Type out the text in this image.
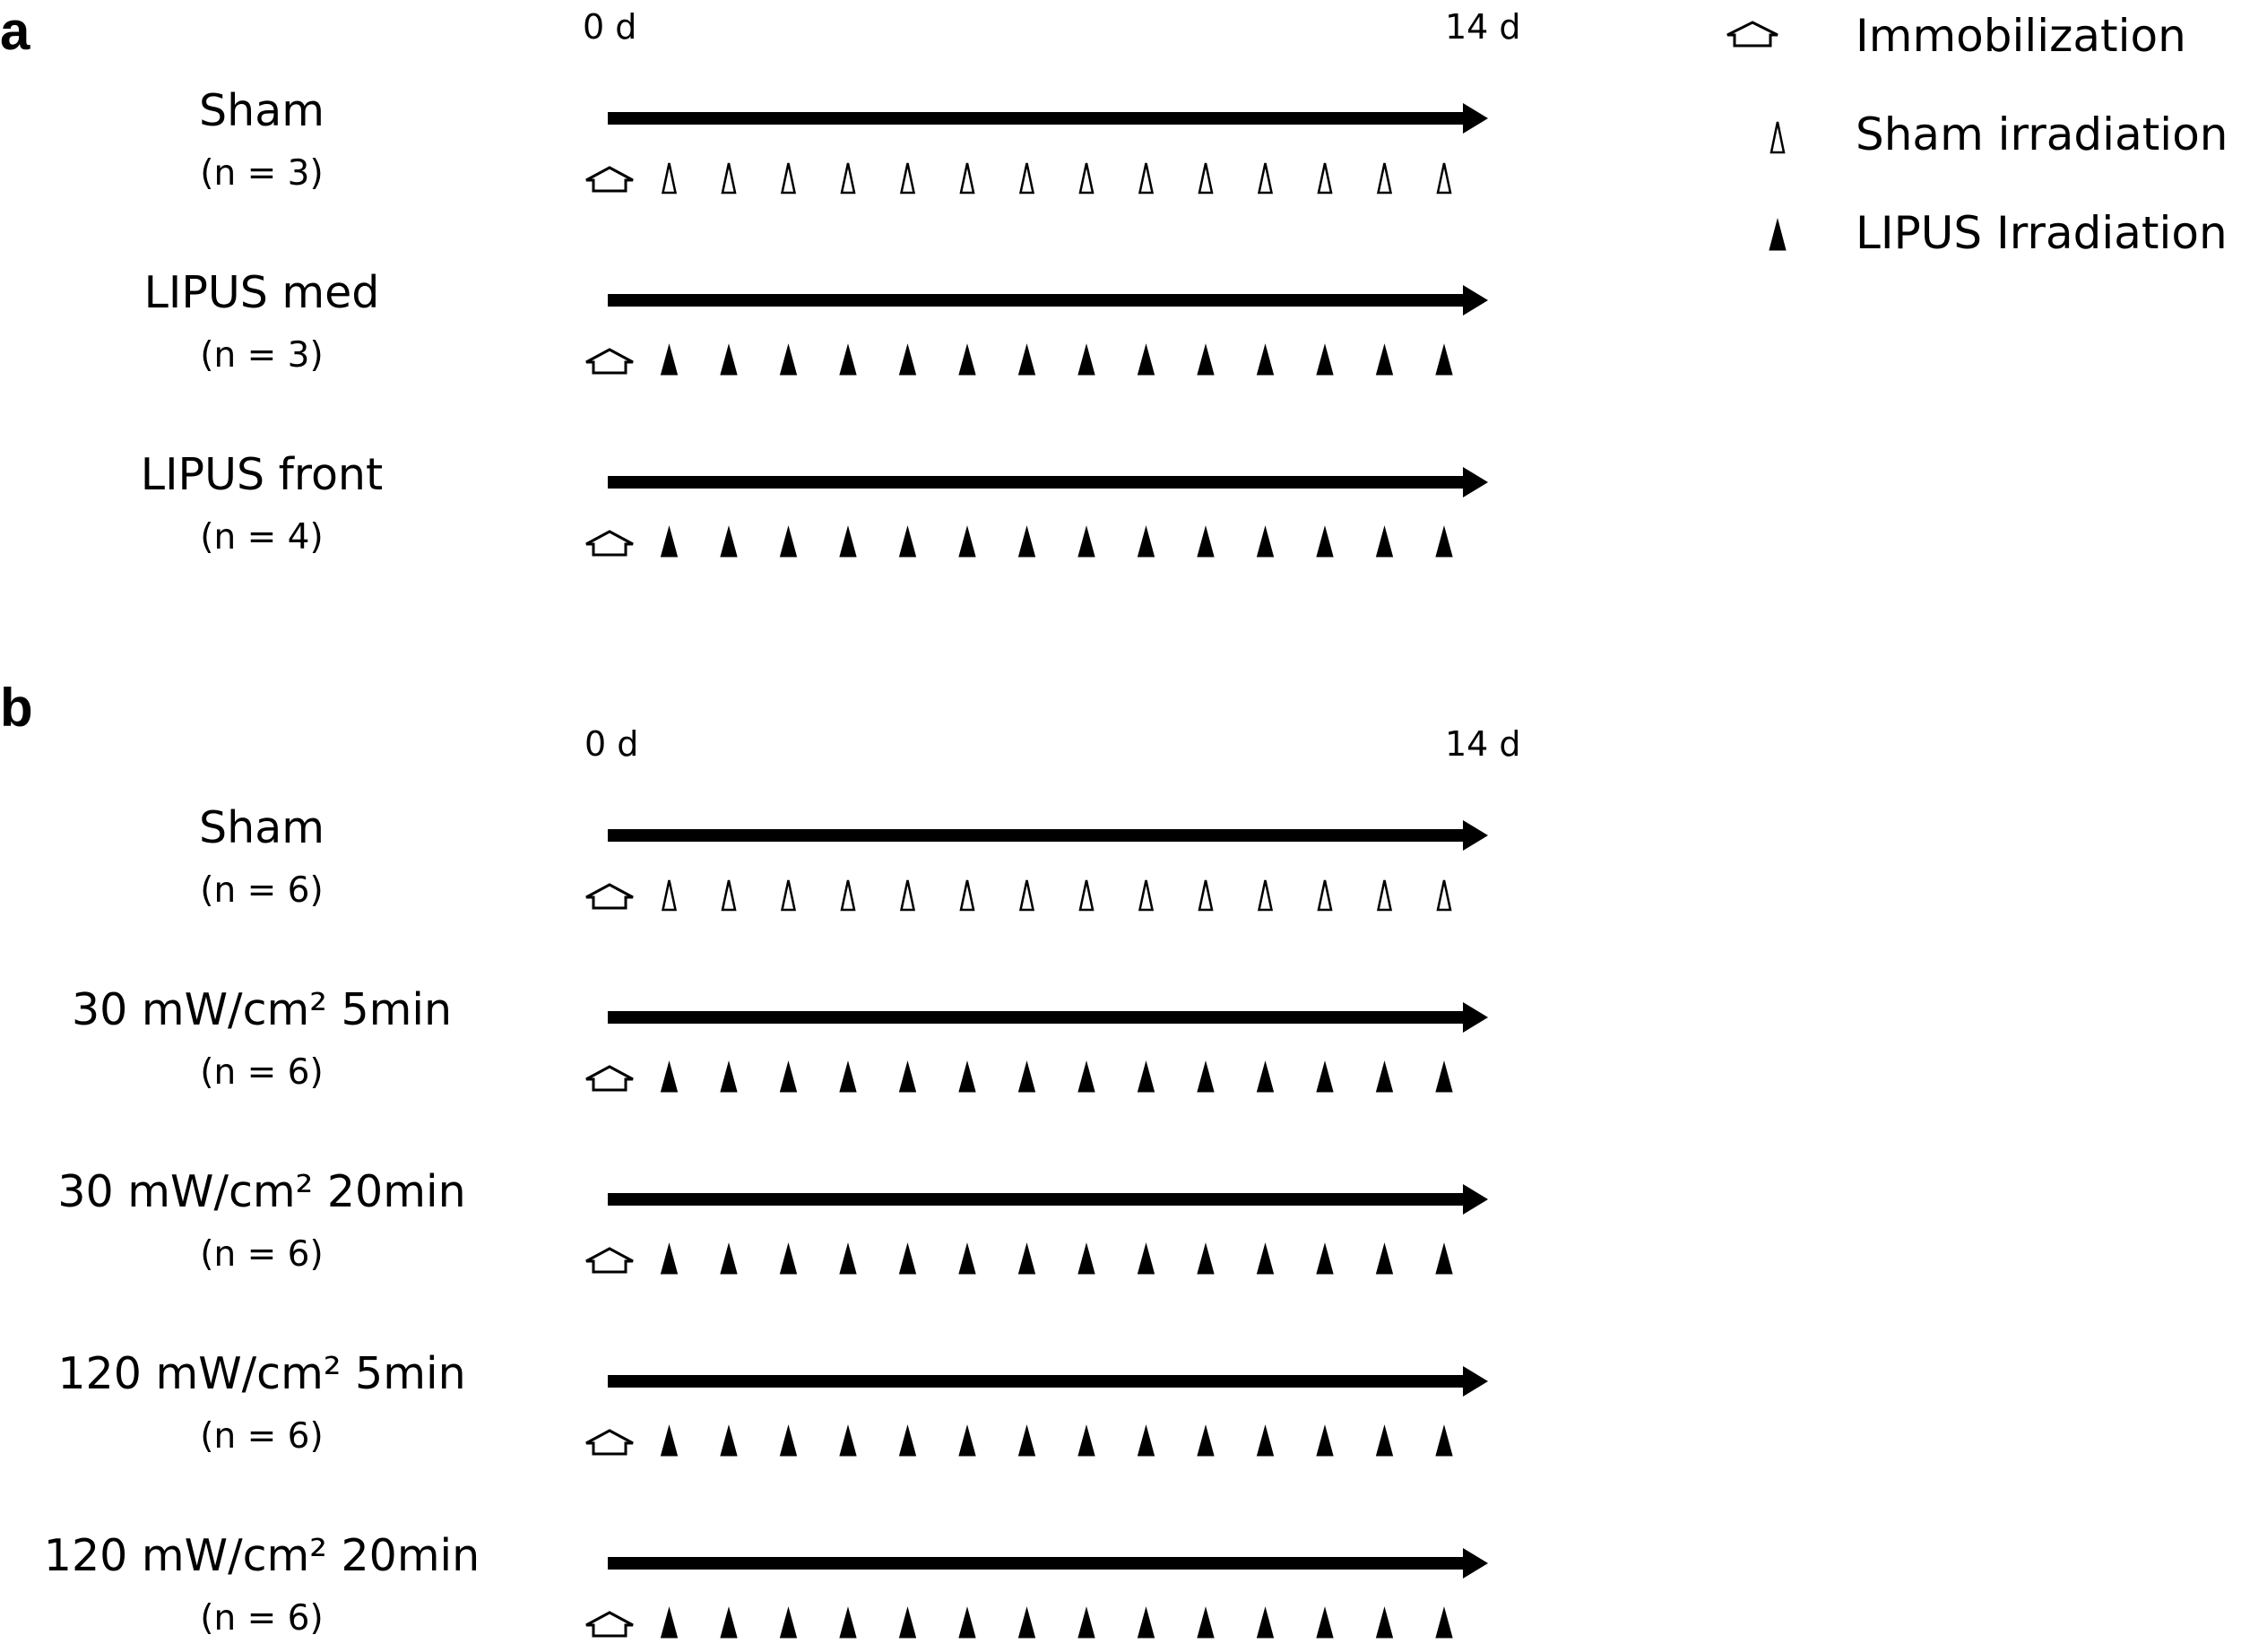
a	0 d	14 d
Sham
(n = 3)
LIPUS med
(n = 3)
LIPUS front
(n = 4)
b
0 d	14 d
Sham
(n = 6)
30 mW/cm² 5min
(n = 6)
30 mW/cm² 20min
(n = 6)
120 mW/cm² 5min
(n = 6)
120 mW/cm² 20min
(n = 6)
Immobilization
Sham irradiation
LIPUS Irradiation
